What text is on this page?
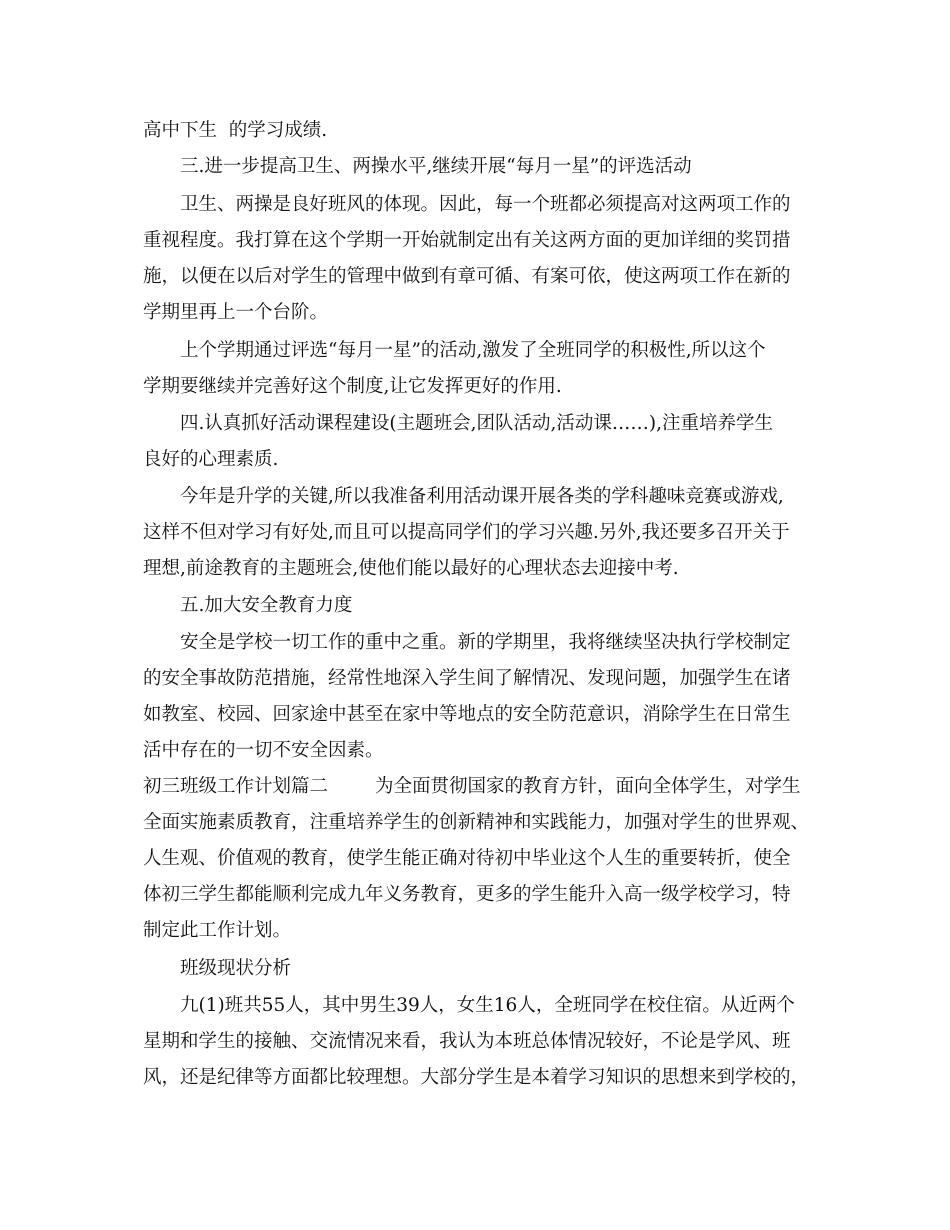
高中下生  的学习成绩.
三.进一步提高卫生、两操水平,继续开展“每月一星”的评选活动
卫生、两操是良好班风的体现。因此，每一个班都必须提高对这两项工作的
重视程度。我打算在这个学期一开始就制定出有关这两方面的更加详细的奖罚措
施，以便在以后对学生的管理中做到有章可循、有案可依，使这两项工作在新的
学期里再上一个台阶。
上个学期通过评选“每月一星”的活动,激发了全班同学的积极性,所以这个
学期要继续并完善好这个制度,让它发挥更好的作用.
四.认真抓好活动课程建设(主题班会,团队活动,活动课……),注重培养学生
良好的心理素质.
今年是升学的关键,所以我准备利用活动课开展各类的学科趣味竞赛或游戏,
这样不但对学习有好处,而且可以提高同学们的学习兴趣.另外,我还要多召开关于
理想,前途教育的主题班会,使他们能以最好的心理状态去迎接中考.
五.加大安全教育力度
安全是学校一切工作的重中之重。新的学期里，我将继续坚决执行学校制定
的安全事故防范措施，经常性地深入学生间了解情况、发现问题，加强学生在诸
如教室、校园、回家途中甚至在家中等地点的安全防范意识，消除学生在日常生
活中存在的一切不安全因素。
初三班级工作计划篇二        为全面贯彻国家的教育方针，面向全体学生，对学生
全面实施素质教育，注重培养学生的创新精神和实践能力，加强对学生的世界观、
人生观、价值观的教育，使学生能正确对待初中毕业这个人生的重要转折，使全
体初三学生都能顺利完成九年义务教育，更多的学生能升入高一级学校学习，特
制定此工作计划。
班级现状分析
九(1)班共55人，其中男生39人，女生16人，全班同学在校住宿。从近两个
星期和学生的接触、交流情况来看，我认为本班总体情况较好，不论是学风、班
风，还是纪律等方面都比较理想。大部分学生是本着学习知识的思想来到学校的，
